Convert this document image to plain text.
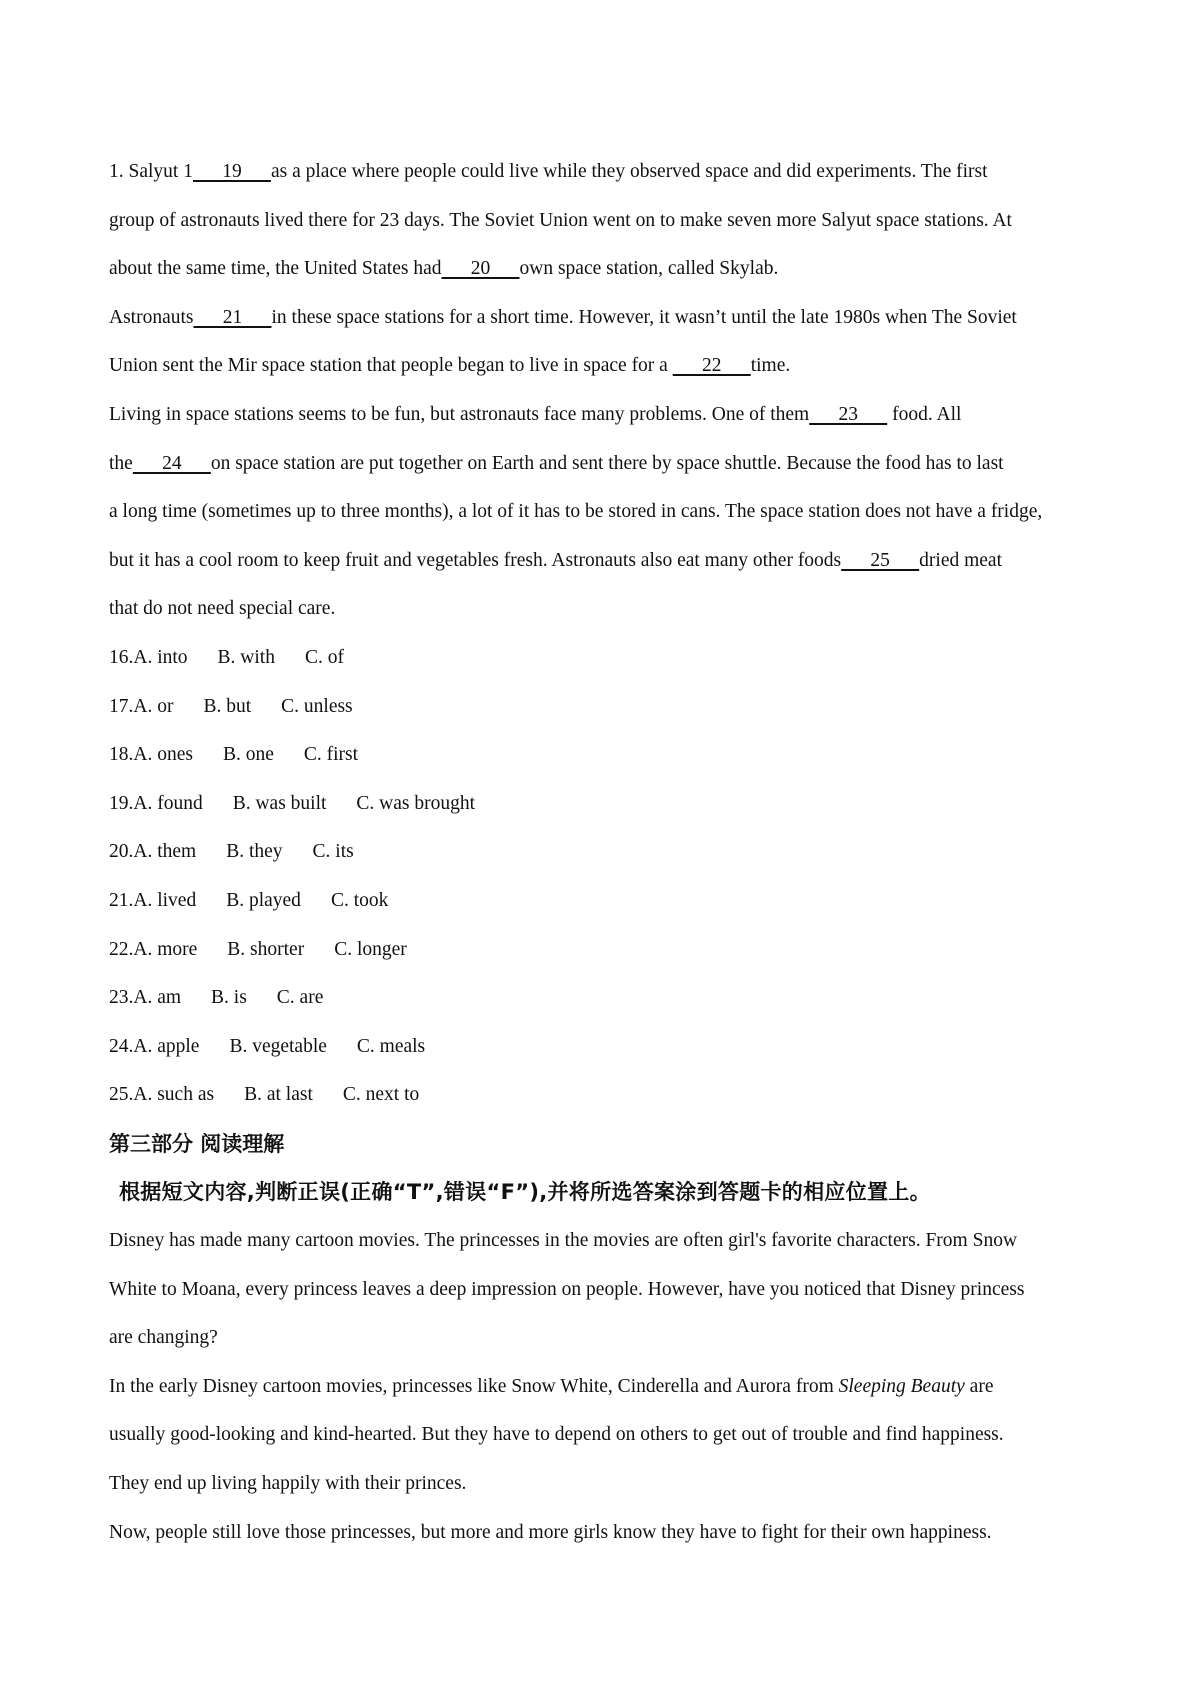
1. Salyut 1  19  as a place where people could live while they observed space and did experiments. The first
group of astronauts lived there for 23 days. The Soviet Union went on to make seven more Salyut space stations. At
about the same time, the United States had  20  own space station, called Skylab.
Astronauts  21  in these space stations for a short time. However, it wasn’t until the late 1980s when The Soviet
Union sent the Mir space station that people began to live in space for a   22  time.
Living in space stations seems to be fun, but astronauts face many problems. One of them  23   food. All
the  24  on space station are put together on Earth and sent there by space shuttle. Because the food has to last
a long time (sometimes up to three months), a lot of it has to be stored in cans. The space station does not have a fridge,
but it has a cool room to keep fruit and vegetables fresh. Astronauts also eat many other foods  25  dried meat
that do not need special care.
16.A. into B. with C. of
17.A. or B. but C. unless
18.A. ones B. one C. first
19.A. found B. was built C. was brought
20.A. them B. they C. its
21.A. lived B. played C. took
22.A. more B. shorter C. longer
23.A. am B. is C. are
24.A. apple B. vegetable C. meals
25.A. such as B. at last C. next to
第三部分 阅读理解
根据短文内容,判断正误(正确“T”,错误“F”),并将所选答案涂到答题卡的相应位置上。
Disney has made many cartoon movies. The princesses in the movies are often girl's favorite characters. From Snow
White to Moana, every princess leaves a deep impression on people. However, have you noticed that Disney princess
are changing?
In the early Disney cartoon movies, princesses like Snow White, Cinderella and Aurora from Sleeping Beauty are
usually good-looking and kind-hearted. But they have to depend on others to get out of trouble and find happiness.
They end up living happily with their princes.
Now, people still love those princesses, but more and more girls know they have to fight for their own happiness.
